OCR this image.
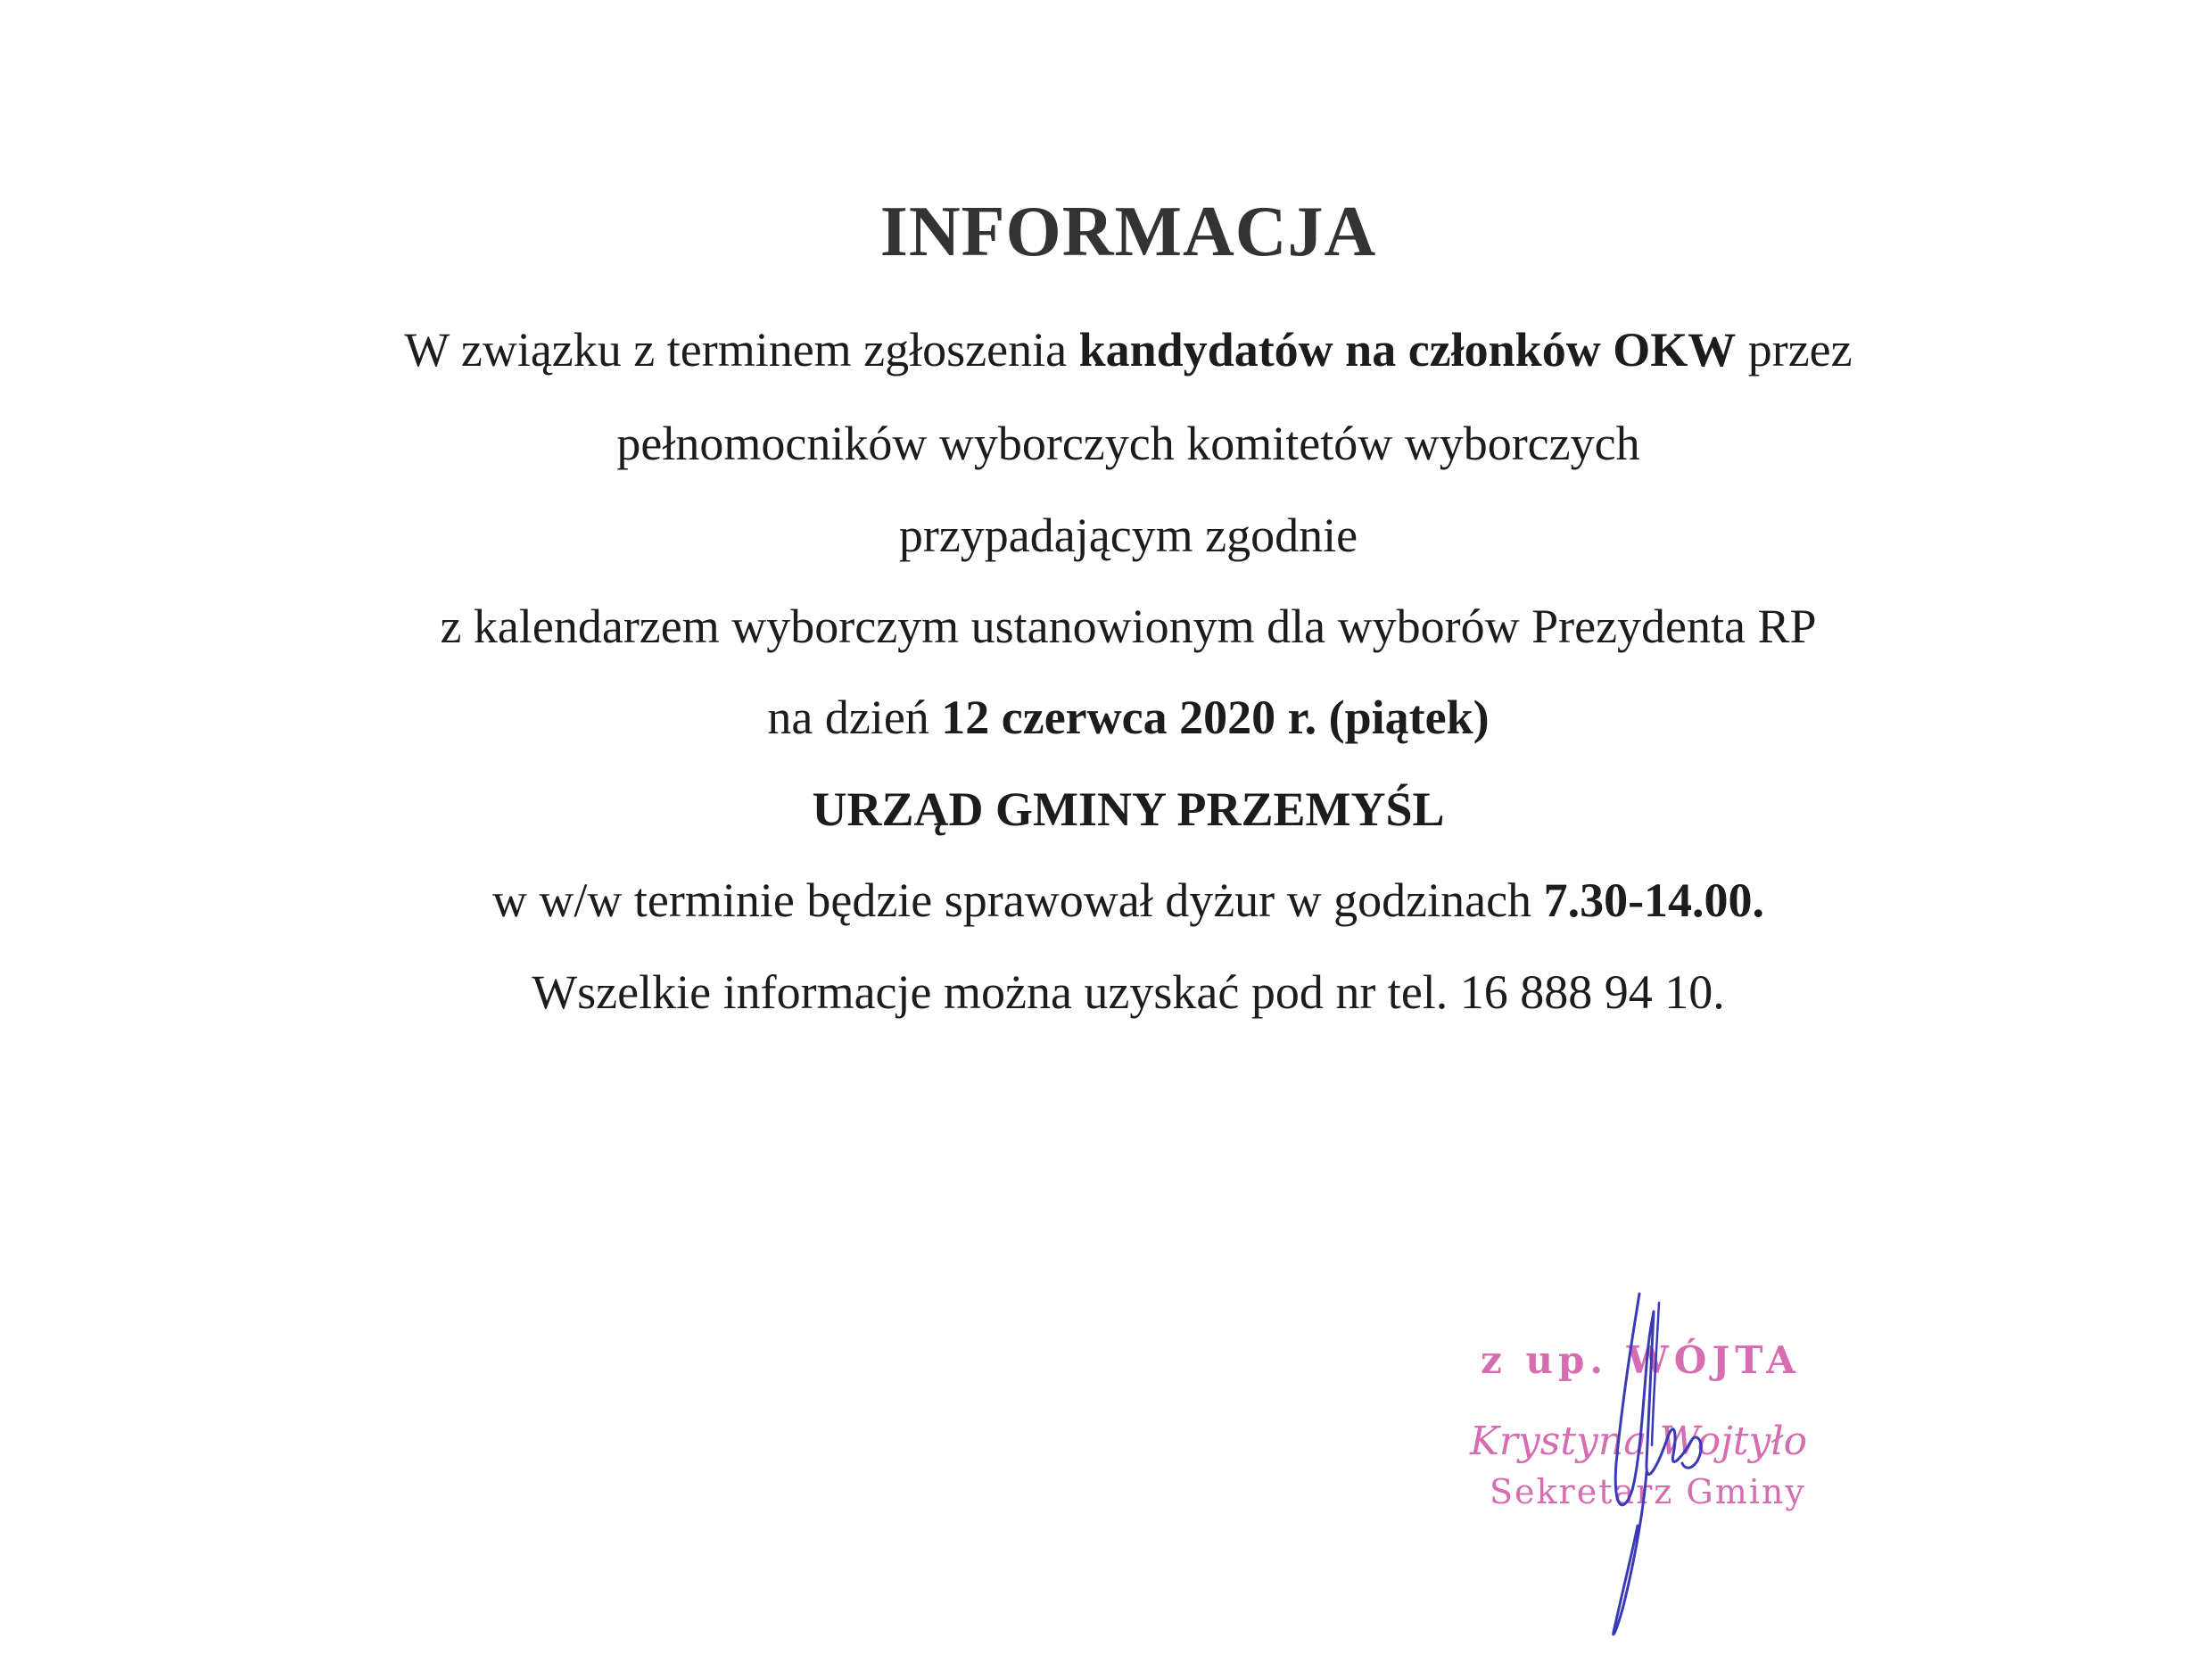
INFORMACJA

W związku z terminem zgłoszenia kandydatów na członków OKW przez

pełnomocników wyborczych komitetów wyborczych

przypadającym zgodnie

z kalendarzem wyborczym ustanowionym dla wyborów Prezydenta RP

na dzień 12 czerwca 2020 r. (piątek)

URZĄD GMINY PRZEMYŚL

w w/w terminie będzie sprawował dyżur w godzinach 7.30-14.00.

Wszelkie informacje można uzyskać pod nr tel. 16 888 94 10.

z up. WÓJTA
Krystyna Wojtyło
Sekretarz Gminy
